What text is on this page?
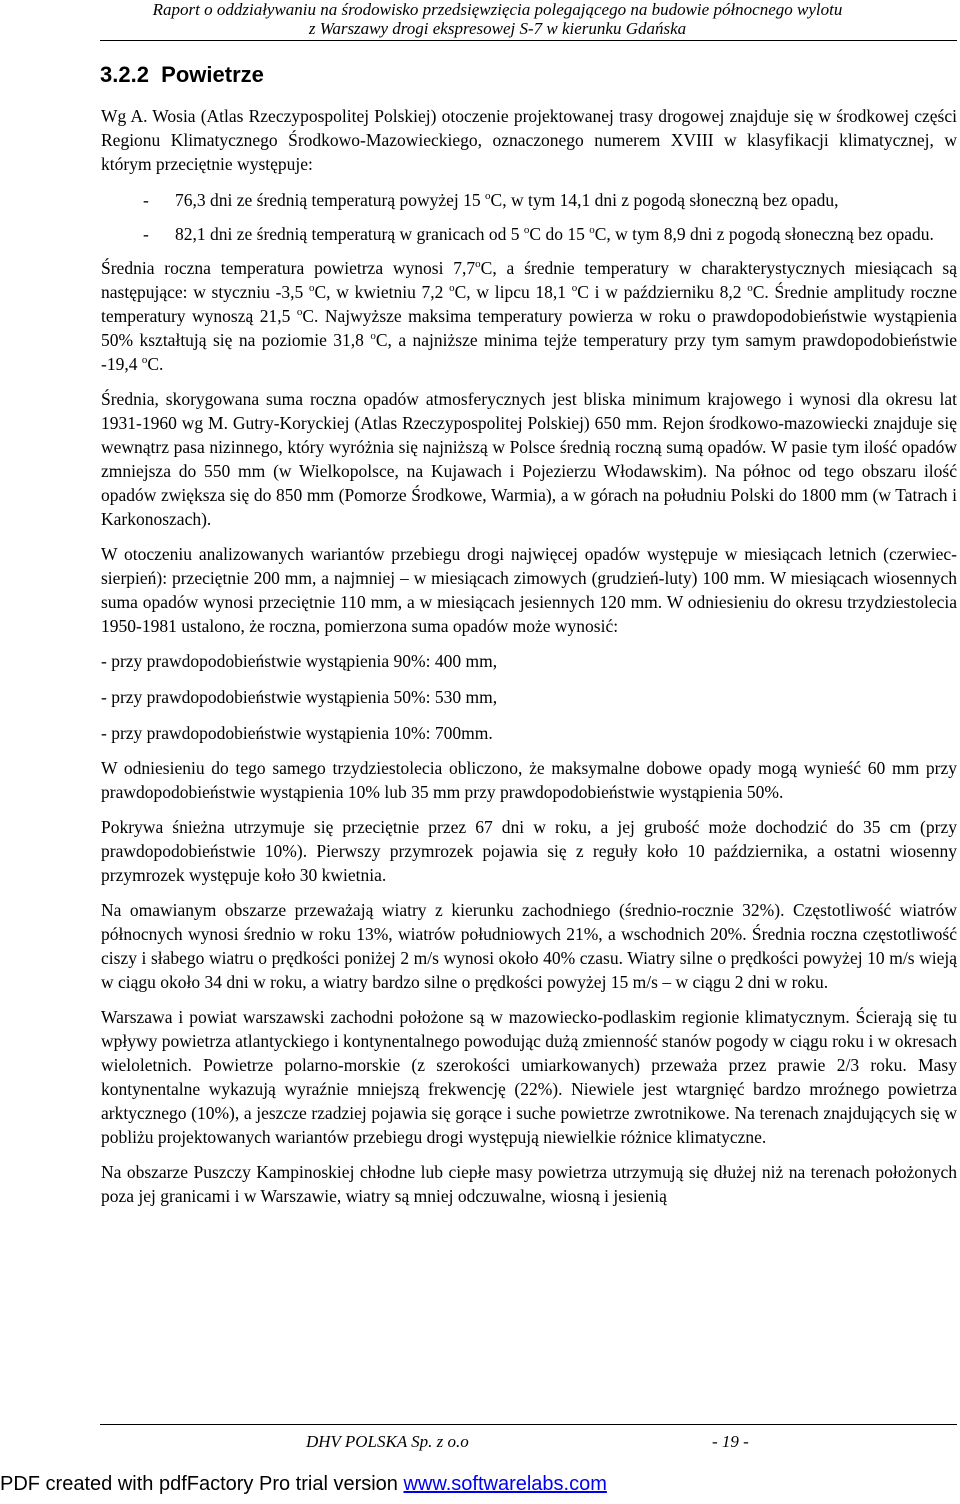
Raport o oddziaływaniu na środowisko przedsięwzięcia polegającego na budowie północnego wylotu
z Warszawy drogi ekspresowej S-7 w kierunku Gdańska
3.2.2 Powietrze

Wg A. Wosia (Atlas Rzeczypospolitej Polskiej) otoczenie projektowanej trasy drogowej znajduje się w środkowej części Regionu Klimatycznego Środkowo-Mazowieckiego, oznaczonego numerem XVIII w klasyfikacji klimatycznej, w którym przeciętnie występuje:

- 76,3 dni ze średnią temperaturą powyżej 15 $^o$C, w tym 14,1 dni z pogodą słoneczną bez opadu,
- 82,1 dni ze średnią temperaturą w granicach od 5 $^o$C do 15 $^o$C, w tym 8,9 dni z pogodą słoneczną bez opadu.

Średnia roczna temperatura powietrza wynosi 7,7$^o$C, a średnie temperatury w charakterystycznych miesiącach są następujące: w styczniu -3,5 $^o$C, w kwietniu 7,2 $^o$C, w lipcu 18,1 $^o$C i w październiku 8,2 $^o$C. Średnie amplitudy roczne temperatury wynoszą 21,5 $^o$C. Najwyższe maksima temperatury powierza w roku o prawdopodobieństwie wystąpienia 50% kształtują się na poziomie 31,8 $^o$C, a najniższe minima tejże temperatury przy tym samym prawdopodobieństwie -19,4 $^o$C.

Średnia, skorygowana suma roczna opadów atmosferycznych jest bliska minimum krajowego i wynosi dla okresu lat 1931-1960 wg M. Gutry-Koryckiej (Atlas Rzeczypospolitej Polskiej) 650 mm. Rejon środkowo-mazowiecki znajduje się wewnątrz pasa nizinnego, który wyróżnia się najniższą w Polsce średnią roczną sumą opadów. W pasie tym ilość opadów zmniejsza do 550 mm (w Wielkopolsce, na Kujawach i Pojezierzu Włodawskim). Na północ od tego obszaru ilość opadów zwiększa się do 850 mm (Pomorze Środkowe, Warmia), a w górach na południu Polski do 1800 mm (w Tatrach i Karkonoszach).

W otoczeniu analizowanych wariantów przebiegu drogi najwięcej opadów występuje w miesiącach letnich (czerwiec-sierpień): przeciętnie 200 mm, a najmniej – w miesiącach zimowych (grudzień-luty) 100 mm. W miesiącach wiosennych suma opadów wynosi przeciętnie 110 mm, a w miesiącach jesiennych 120 mm. W odniesieniu do okresu trzydziestolecia 1950-1981 ustalono, że roczna, pomierzona suma opadów może wynosić:

- przy prawdopodobieństwie wystąpienia 90%: 400 mm,

- przy prawdopodobieństwie wystąpienia 50%: 530 mm,

- przy prawdopodobieństwie wystąpienia 10%: 700mm.

W odniesieniu do tego samego trzydziestolecia obliczono, że maksymalne dobowe opady mogą wynieść 60 mm przy prawdopodobieństwie wystąpienia 10% lub 35 mm przy prawdopodobieństwie wystąpienia 50%.

Pokrywa śnieżna utrzymuje się przeciętnie przez 67 dni w roku, a jej grubość może dochodzić do 35 cm (przy prawdopodobieństwie 10%). Pierwszy przymrozek pojawia się z reguły koło 10 października, a ostatni wiosenny przymrozek występuje koło 30 kwietnia.

Na omawianym obszarze przeważają wiatry z kierunku zachodniego (średnio-rocznie 32%). Częstotliwość wiatrów północnych wynosi średnio w roku 13%, wiatrów południowych 21%, a wschodnich 20%. Średnia roczna częstotliwość ciszy i słabego wiatru o prędkości poniżej 2 m/s wynosi około 40% czasu. Wiatry silne o prędkości powyżej 10 m/s wieją w ciągu około 34 dni w roku, a wiatry bardzo silne o prędkości powyżej 15 m/s – w ciągu 2 dni w roku.

Warszawa i powiat warszawski zachodni położone są w mazowiecko-podlaskim regionie klimatycznym. Ścierają się tu wpływy powietrza atlantyckiego i kontynentalnego powodując dużą zmienność stanów pogody w ciągu roku i w okresach wieloletnich. Powietrze polarno-morskie (z szerokości umiarkowanych) przeważa przez prawie 2/3 roku. Masy kontynentalne wykazują wyraźnie mniejszą frekwencję (22%). Niewiele jest wtargnięć bardzo mroźnego powietrza arktycznego (10%), a jeszcze rzadziej pojawia się gorące i suche powietrze zwrotnikowe. Na terenach znajdujących się w pobliżu projektowanych wariantów przebiegu drogi występują niewielkie różnice klimatyczne.

Na obszarze Puszczy Kampinoskiej chłodne lub ciepłe masy powietrza utrzymują się dłużej niż na terenach położonych poza jej granicami i w Warszawie, wiatry są mniej odczuwalne, wiosną i jesienią

DHV POLSKA Sp. z o.o	- 19 -
PDF created with pdfFactory Pro trial version www.softwarelabs.com
